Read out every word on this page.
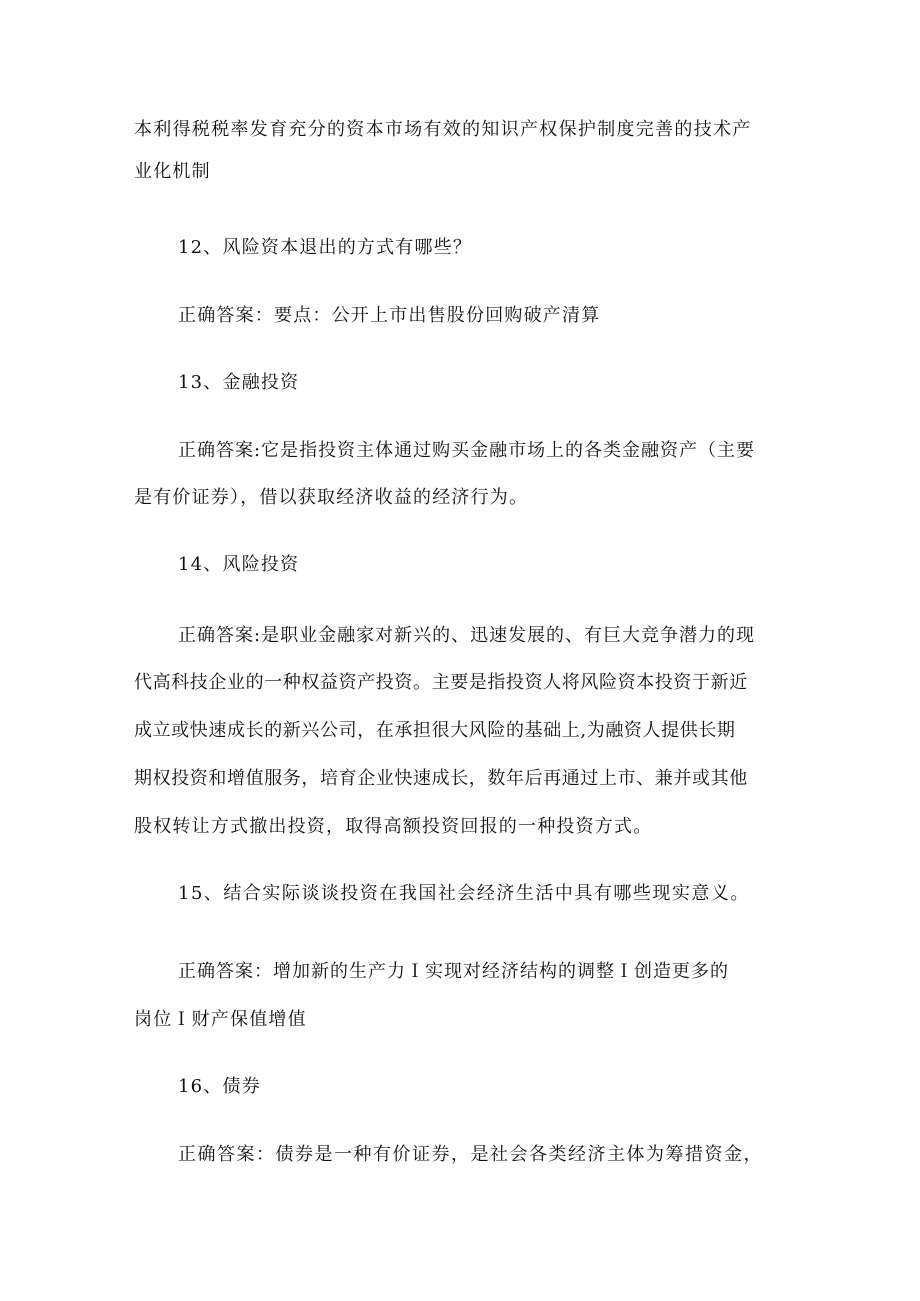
本利得税税率发育充分的资本市场有效的知识产权保护制度完善的技术产
业化机制
12、风险资本退出的方式有哪些？
正确答案：要点：公开上市出售股份回购破产清算
13、金融投资
正确答案:它是指投资主体通过购买金融市场上的各类金融资产（主要
是有价证券），借以获取经济收益的经济行为。
14、风险投资
正确答案:是职业金融家对新兴的、迅速发展的、有巨大竞争潜力的现
代高科技企业的一种权益资产投资。主要是指投资人将风险资本投资于新近
成立或快速成长的新兴公司，在承担很大风险的基础上,为融资人提供长期
期权投资和增值服务，培育企业快速成长，数年后再通过上市、兼并或其他
股权转让方式撤出投资，取得高额投资回报的一种投资方式。
15、结合实际谈谈投资在我国社会经济生活中具有哪些现实意义。
正确答案：增加新的生产力Ｉ实现对经济结构的调整Ｉ创造更多的
岗位Ｉ财产保值增值
16、债券
正确答案：债券是一种有价证券，是社会各类经济主体为筹措资金，
